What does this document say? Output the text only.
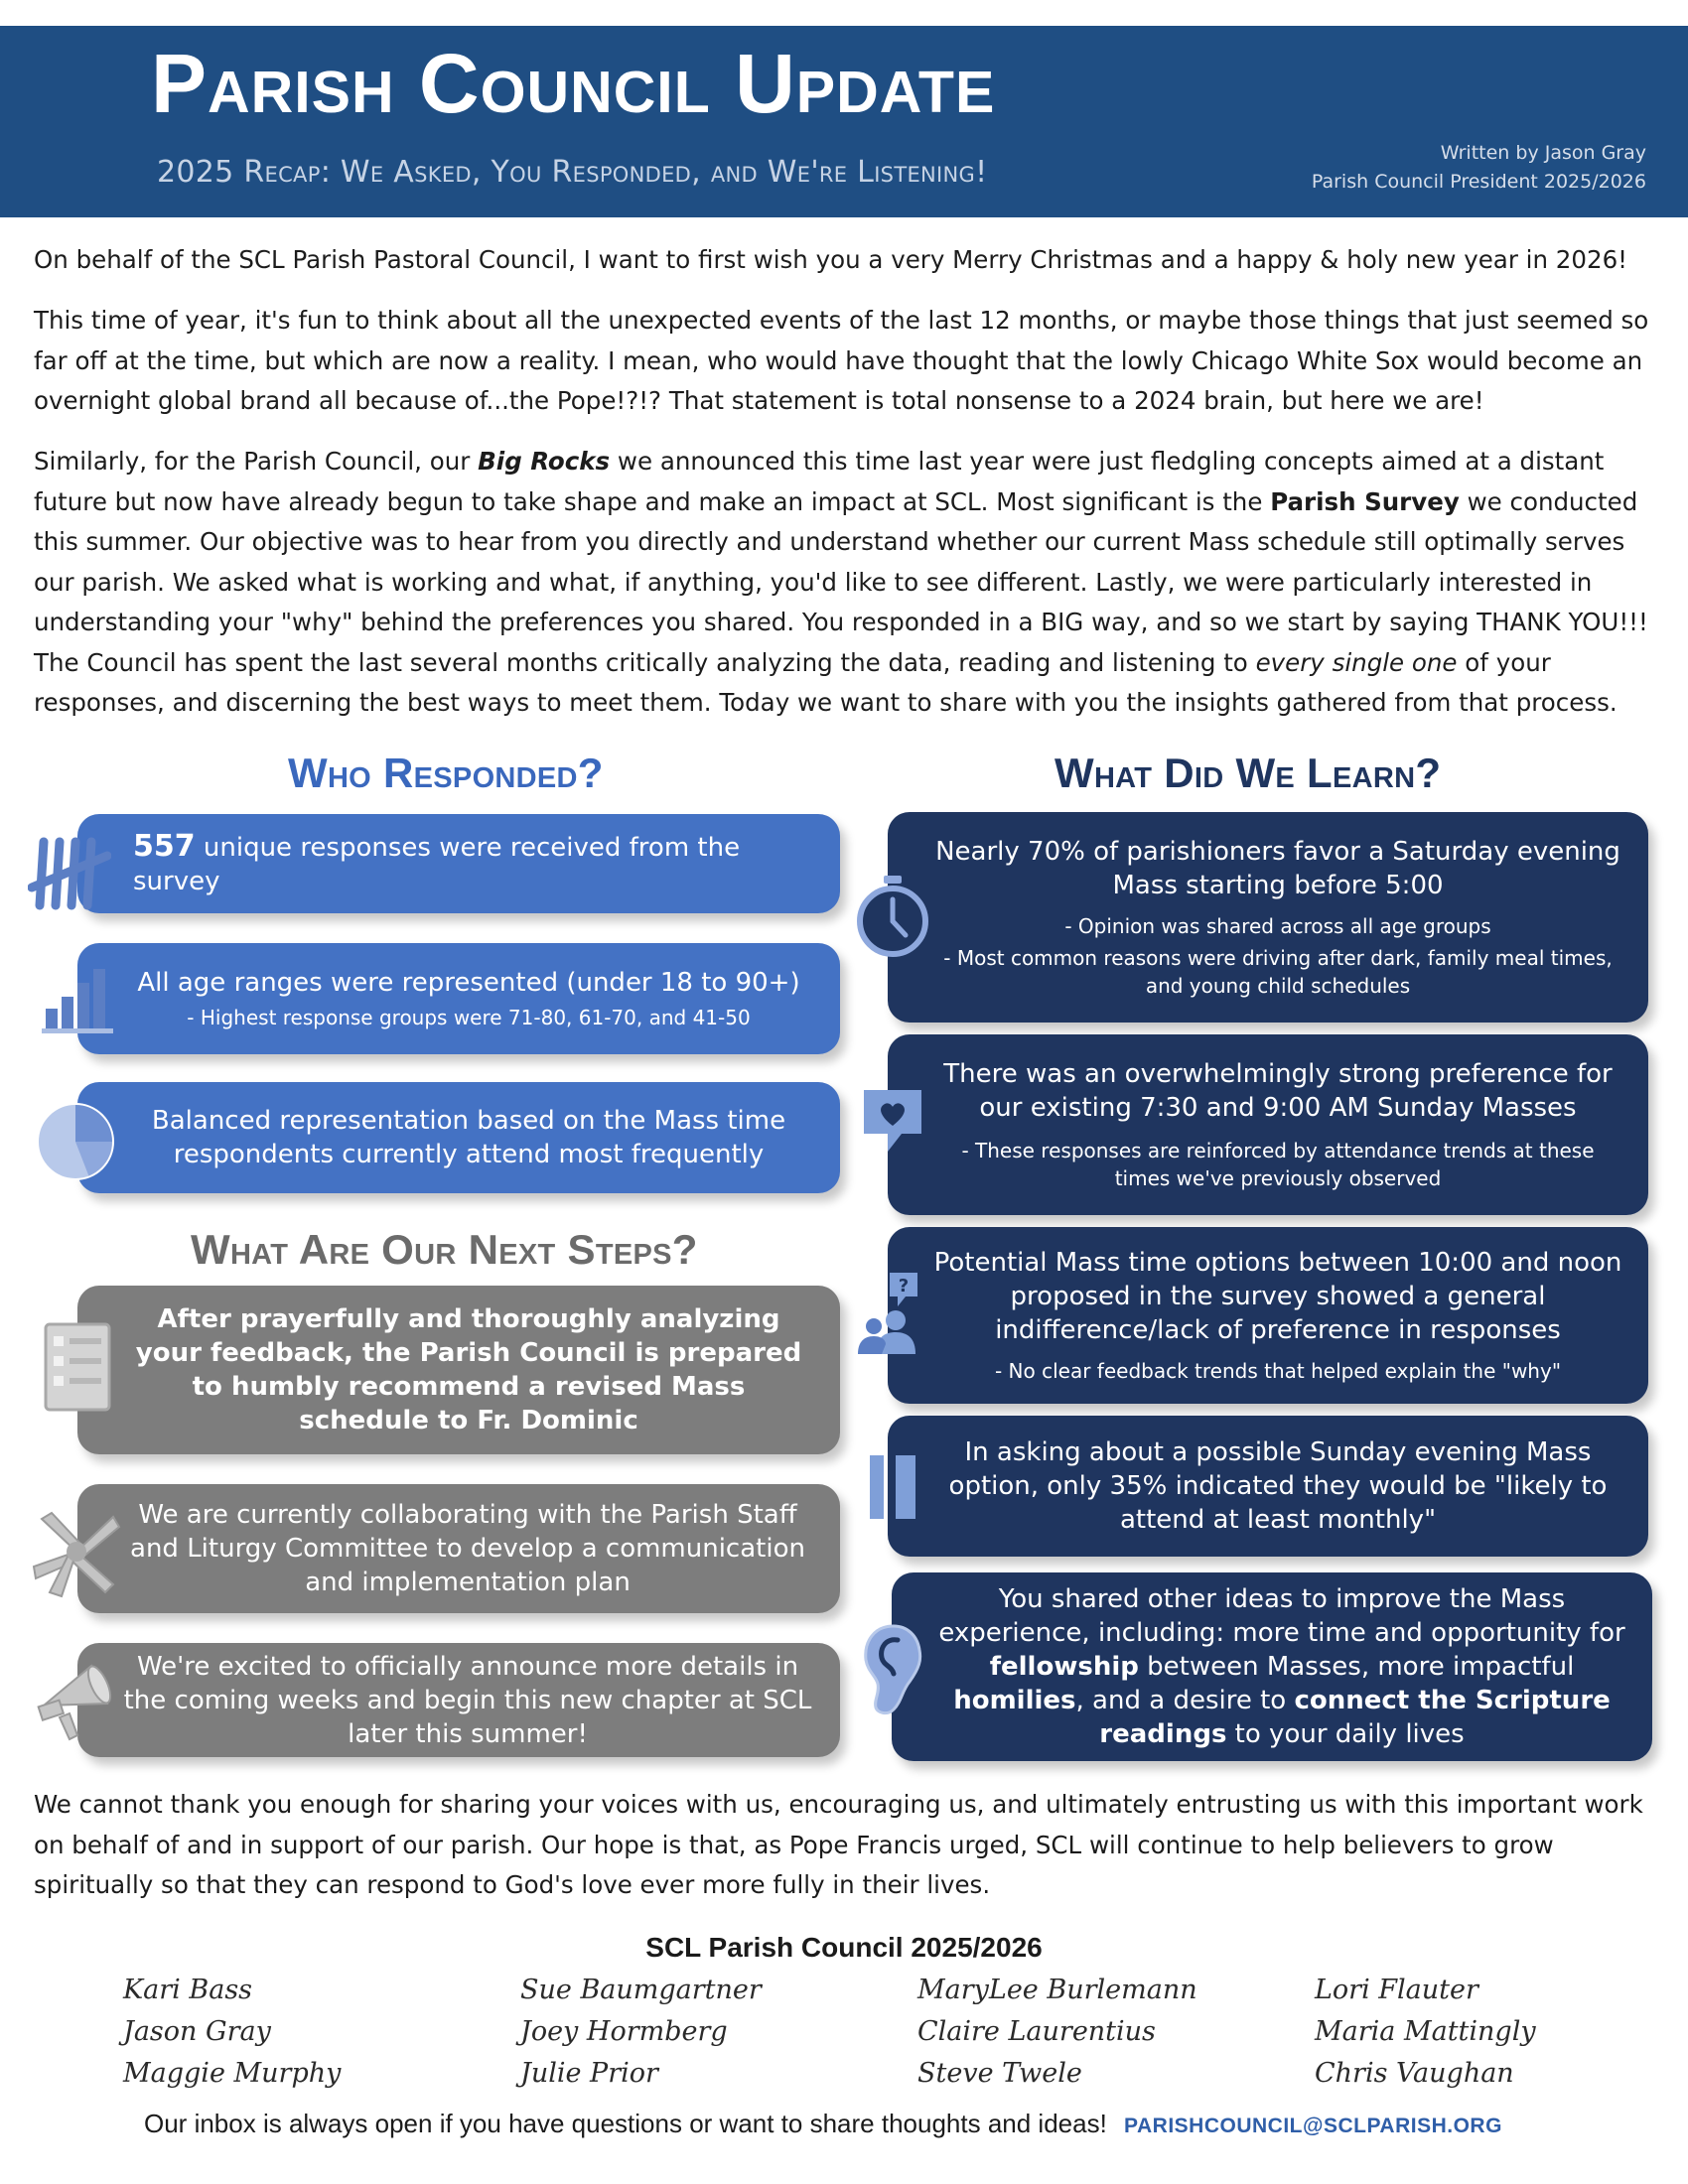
Parish Council Update
2025 Recap: We Asked, You Responded, and We're Listening!
Written by Jason Gray
Parish Council President 2025/2026

On behalf of the SCL Parish Pastoral Council, I want to first wish you a very Merry Christmas and a happy & holy new year in 2026!

This time of year, it's fun to think about all the unexpected events of the last 12 months, or maybe those things that just seemed so far off at the time, but which are now a reality. I mean, who would have thought that the lowly Chicago White Sox would become an overnight global brand all because of...the Pope!?!? That statement is total nonsense to a 2024 brain, but here we are!

Similarly, for the Parish Council, our Big Rocks we announced this time last year were just fledgling concepts aimed at a distant future but now have already begun to take shape and make an impact at SCL. Most significant is the Parish Survey we conducted this summer. Our objective was to hear from you directly and understand whether our current Mass schedule still optimally serves our parish. We asked what is working and what, if anything, you'd like to see different. Lastly, we were particularly interested in understanding your "why" behind the preferences you shared. You responded in a BIG way, and so we start by saying THANK YOU!!! The Council has spent the last several months critically analyzing the data, reading and listening to every single one of your responses, and discerning the best ways to meet them. Today we want to share with you the insights gathered from that process.

Who Responded?	What Did We Learn?
What Are Our Next Steps?
557 unique responses were received from the survey
All age ranges were represented (under 18 to 90+)
- Highest response groups were 71-80, 61-70, and 41-50
Balanced representation based on the Mass time respondents currently attend most frequently
After prayerfully and thoroughly analyzing your feedback, the Parish Council is prepared to humbly recommend a revised Mass schedule to Fr. Dominic
We are currently collaborating with the Parish Staff and Liturgy Committee to develop a communication and implementation plan
We're excited to officially announce more details in the coming weeks and begin this new chapter at SCL later this summer!
Nearly 70% of parishioners favor a Saturday evening Mass starting before 5:00
- Opinion was shared across all age groups
- Most common reasons were driving after dark, family meal times, and young child schedules
There was an overwhelmingly strong preference for our existing 7:30 and 9:00 AM Sunday Masses
- These responses are reinforced by attendance trends at these times we've previously observed
Potential Mass time options between 10:00 and noon proposed in the survey showed a general indifference/lack of preference in responses
- No clear feedback trends that helped explain the "why"
In asking about a possible Sunday evening Mass option, only 35% indicated they would be "likely to attend at least monthly"
You shared other ideas to improve the Mass experience, including: more time and opportunity for fellowship between Masses, more impactful homilies, and a desire to connect the Scripture readings to your daily lives
?

We cannot thank you enough for sharing your voices with us, encouraging us, and ultimately entrusting us with this important work on behalf of and in support of our parish. Our hope is that, as Pope Francis urged, SCL will continue to help believers to grow spiritually so that they can respond to God's love ever more fully in their lives.

SCL Parish Council 2025/2026
Kari Bass	Sue Baumgartner	MaryLee Burlemann	Lori Flauter
Jason Gray	Joey Hormberg	Claire Laurentius	Maria Mattingly
Maggie Murphy	Julie Prior	Steve Twele	Chris Vaughan
Our inbox is always open if you have questions or want to share thoughts and ideas! PARISHCOUNCIL@SCLPARISH.ORG
